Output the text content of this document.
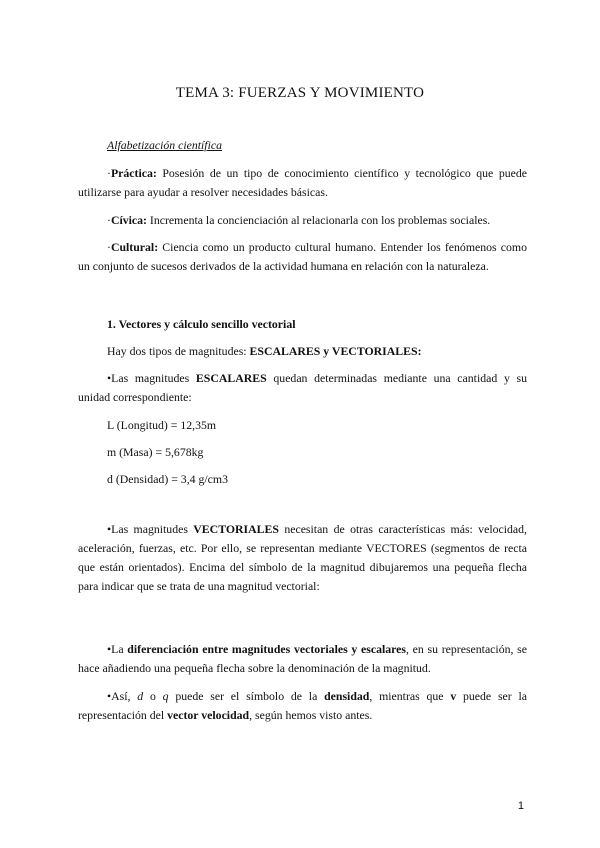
TEMA 3: FUERZAS Y MOVIMIENTO

Alfabetización científica

·Práctica: Posesión de un tipo de conocimiento científico y tecnológico que puede utilizarse para ayudar a resolver necesidades básicas.

·Cívica: Incrementa la concienciación al relacionarla con los problemas sociales.

·Cultural: Ciencia como un producto cultural humano. Entender los fenómenos como un conjunto de sucesos derivados de la actividad humana en relación con la naturaleza.

1. Vectores y cálculo sencillo vectorial

Hay dos tipos de magnitudes: ESCALARES y VECTORIALES:

•Las magnitudes ESCALARES quedan determinadas mediante una cantidad y su unidad correspondiente:

L (Longitud) = 12,35m

m (Masa) = 5,678kg

d (Densidad) = 3,4 g/cm3

•Las magnitudes VECTORIALES necesitan de otras características más: velocidad, aceleración, fuerzas, etc. Por ello, se representan mediante VECTORES (segmentos de recta que están orientados). Encima del símbolo de la magnitud dibujaremos una pequeña flecha para indicar que se trata de una magnitud vectorial:

•La diferenciación entre magnitudes vectoriales y escalares, en su representación, se hace añadiendo una pequeña flecha sobre la denominación de la magnitud.

•Así, d o q puede ser el símbolo de la densidad, mientras que v puede ser la representación del vector velocidad, según hemos visto antes.

1
